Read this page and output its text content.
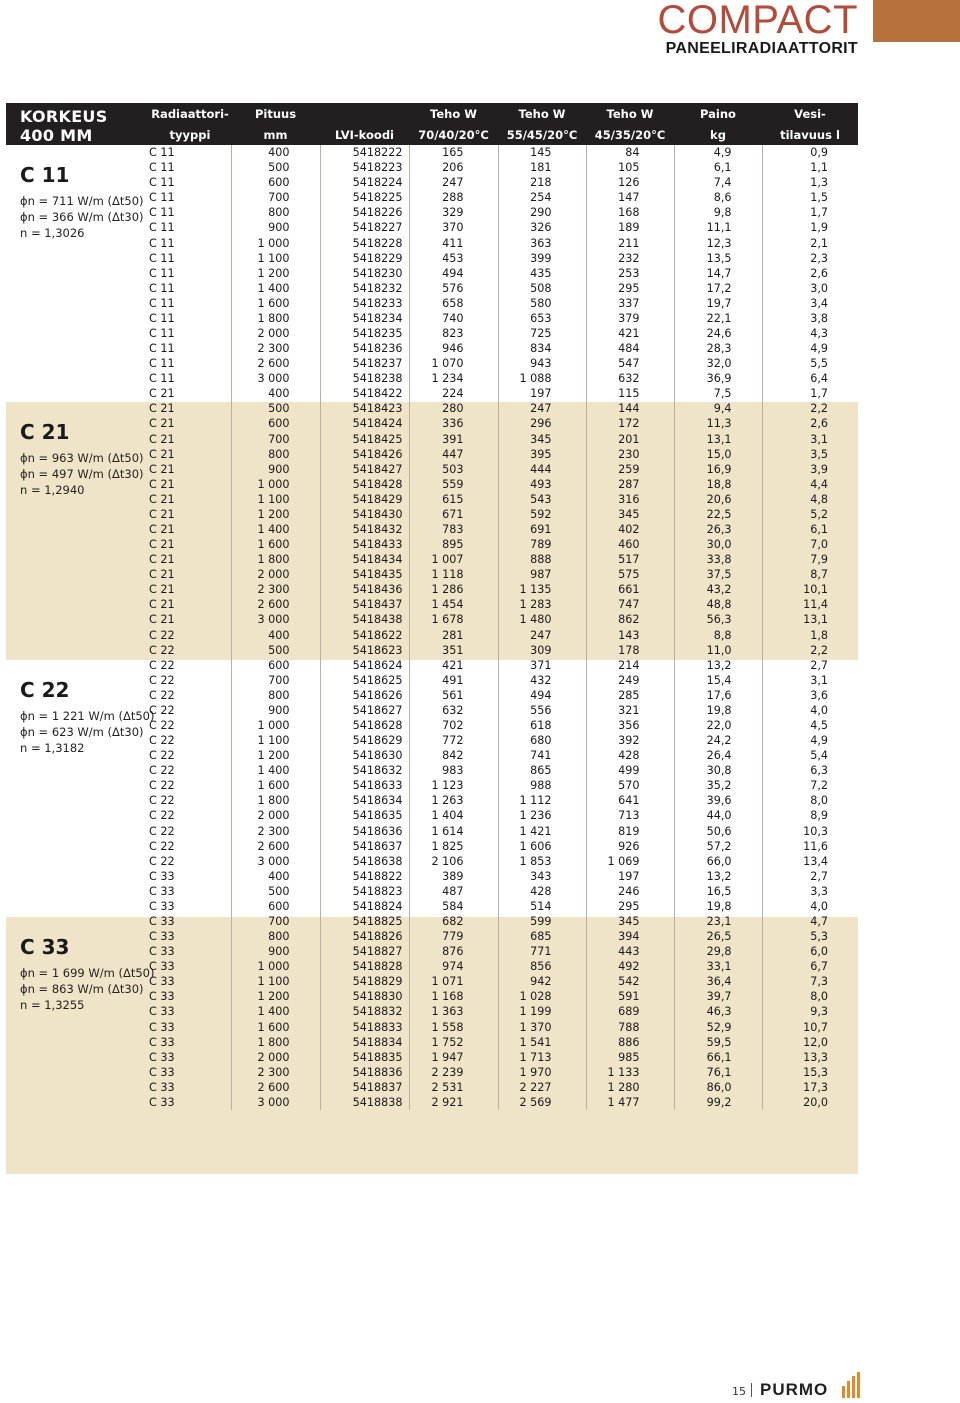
COMPACT
PANEELIRADIAATTORIT
KORKEUS
400 MM
C 11
ɸn = 711 W/m (Δt50)
ɸn = 366 W/m (Δt30)
n = 1,3026
C 21
ɸn = 963 W/m (Δt50)
ɸn = 497 W/m (Δt30)
n = 1,2940
C 22
ɸn = 1 221 W/m (Δt50)
ɸn = 623 W/m (Δt30)
n = 1,3182
C 33
ɸn = 1 699 W/m (Δt50)
ɸn = 863 W/m (Δt30)
n = 1,3255
Radiaattori-	Pituus		Teho W	Teho W	Teho W	Paino	Vesi-
tyyppi	mm	LVI-koodi	70/40/20°C	55/45/20°C	45/35/20°C	kg	tilavuus l
C 11	400	5418222	165	145	84	4,9	0,9
C 11	500	5418223	206	181	105	6,1	1,1
C 11	600	5418224	247	218	126	7,4	1,3
C 11	700	5418225	288	254	147	8,6	1,5
C 11	800	5418226	329	290	168	9,8	1,7
C 11	900	5418227	370	326	189	11,1	1,9
C 11	1 000	5418228	411	363	211	12,3	2,1
C 11	1 100	5418229	453	399	232	13,5	2,3
C 11	1 200	5418230	494	435	253	14,7	2,6
C 11	1 400	5418232	576	508	295	17,2	3,0
C 11	1 600	5418233	658	580	337	19,7	3,4
C 11	1 800	5418234	740	653	379	22,1	3,8
C 11	2 000	5418235	823	725	421	24,6	4,3
C 11	2 300	5418236	946	834	484	28,3	4,9
C 11	2 600	5418237	1 070	943	547	32,0	5,5
C 11	3 000	5418238	1 234	1 088	632	36,9	6,4
C 21	400	5418422	224	197	115	7,5	1,7
C 21	500	5418423	280	247	144	9,4	2,2
C 21	600	5418424	336	296	172	11,3	2,6
C 21	700	5418425	391	345	201	13,1	3,1
C 21	800	5418426	447	395	230	15,0	3,5
C 21	900	5418427	503	444	259	16,9	3,9
C 21	1 000	5418428	559	493	287	18,8	4,4
C 21	1 100	5418429	615	543	316	20,6	4,8
C 21	1 200	5418430	671	592	345	22,5	5,2
C 21	1 400	5418432	783	691	402	26,3	6,1
C 21	1 600	5418433	895	789	460	30,0	7,0
C 21	1 800	5418434	1 007	888	517	33,8	7,9
C 21	2 000	5418435	1 118	987	575	37,5	8,7
C 21	2 300	5418436	1 286	1 135	661	43,2	10,1
C 21	2 600	5418437	1 454	1 283	747	48,8	11,4
C 21	3 000	5418438	1 678	1 480	862	56,3	13,1
C 22	400	5418622	281	247	143	8,8	1,8
C 22	500	5418623	351	309	178	11,0	2,2
C 22	600	5418624	421	371	214	13,2	2,7
C 22	700	5418625	491	432	249	15,4	3,1
C 22	800	5418626	561	494	285	17,6	3,6
C 22	900	5418627	632	556	321	19,8	4,0
C 22	1 000	5418628	702	618	356	22,0	4,5
C 22	1 100	5418629	772	680	392	24,2	4,9
C 22	1 200	5418630	842	741	428	26,4	5,4
C 22	1 400	5418632	983	865	499	30,8	6,3
C 22	1 600	5418633	1 123	988	570	35,2	7,2
C 22	1 800	5418634	1 263	1 112	641	39,6	8,0
C 22	2 000	5418635	1 404	1 236	713	44,0	8,9
C 22	2 300	5418636	1 614	1 421	819	50,6	10,3
C 22	2 600	5418637	1 825	1 606	926	57,2	11,6
C 22	3 000	5418638	2 106	1 853	1 069	66,0	13,4
C 33	400	5418822	389	343	197	13,2	2,7
C 33	500	5418823	487	428	246	16,5	3,3
C 33	600	5418824	584	514	295	19,8	4,0
C 33	700	5418825	682	599	345	23,1	4,7
C 33	800	5418826	779	685	394	26,5	5,3
C 33	900	5418827	876	771	443	29,8	6,0
C 33	1 000	5418828	974	856	492	33,1	6,7
C 33	1 100	5418829	1 071	942	542	36,4	7,3
C 33	1 200	5418830	1 168	1 028	591	39,7	8,0
C 33	1 400	5418832	1 363	1 199	689	46,3	9,3
C 33	1 600	5418833	1 558	1 370	788	52,9	10,7
C 33	1 800	5418834	1 752	1 541	886	59,5	12,0
C 33	2 000	5418835	1 947	1 713	985	66,1	13,3
C 33	2 300	5418836	2 239	1 970	1 133	76,1	15,3
C 33	2 600	5418837	2 531	2 227	1 280	86,0	17,3
C 33	3 000	5418838	2 921	2 569	1 477	99,2	20,0
15 PURMO
